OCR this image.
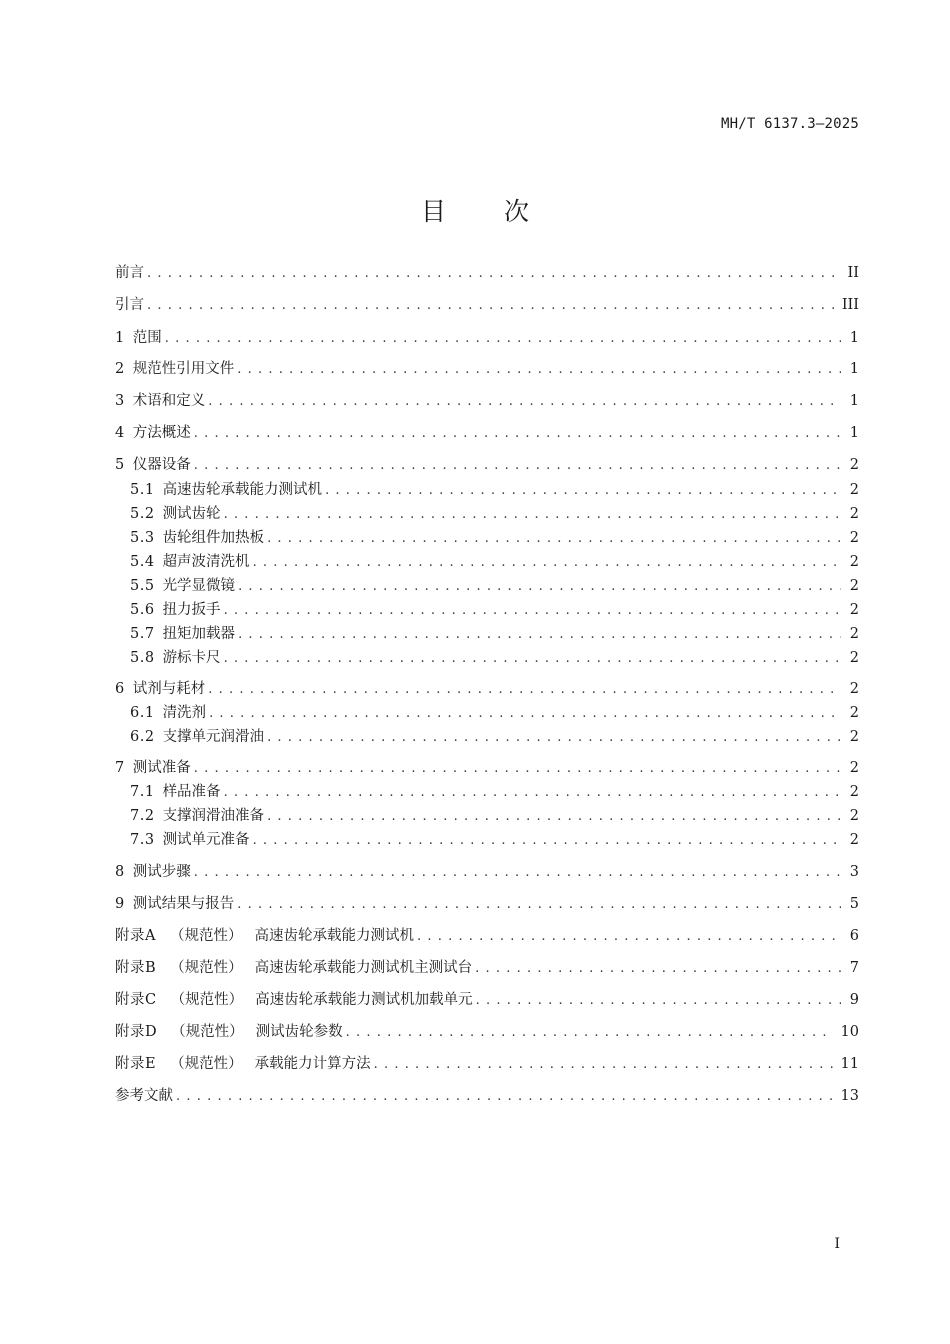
MH/T 6137.3—2025
目次
前言 . . .	II
引言 . . .	III
1 范围 . . .	1
2 规范性引用文件 . . .	1
3 术语和定义 . . .	1
4 方法概述 . . .	1
5 仪器设备 . . .	2
5.1 高速齿轮承载能力测试机 . . .	2
5.2 测试齿轮 . . .	2
5.3 齿轮组件加热板 . . .	2
5.4 超声波清洗机 . . .	2
5.5 光学显微镜 . . .	2
5.6 扭力扳手 . . .	2
5.7 扭矩加载器 . . .	2
5.8 游标卡尺 . . .	2
6 试剂与耗材 . . .	2
6.1 清洗剂 . . .	2
6.2 支撑单元润滑油 . . .	2
7 测试准备 . . .	2
7.1 样品准备 . . .	2
7.2 支撑润滑油准备 . . .	2
7.3 测试单元准备 . . .	2
8 测试步骤 . . .	3
9 测试结果与报告 . . .	5
附录A （规范性） 高速齿轮承载能力测试机 . . .	6
附录B （规范性） 高速齿轮承载能力测试机主测试台 . . .	7
附录C （规范性） 高速齿轮承载能力测试机加载单元 . . .	9
附录D （规范性） 测试齿轮参数 . . .	10
附录E （规范性） 承载能力计算方法 . . .	11
参考文献 . . .	13
I
